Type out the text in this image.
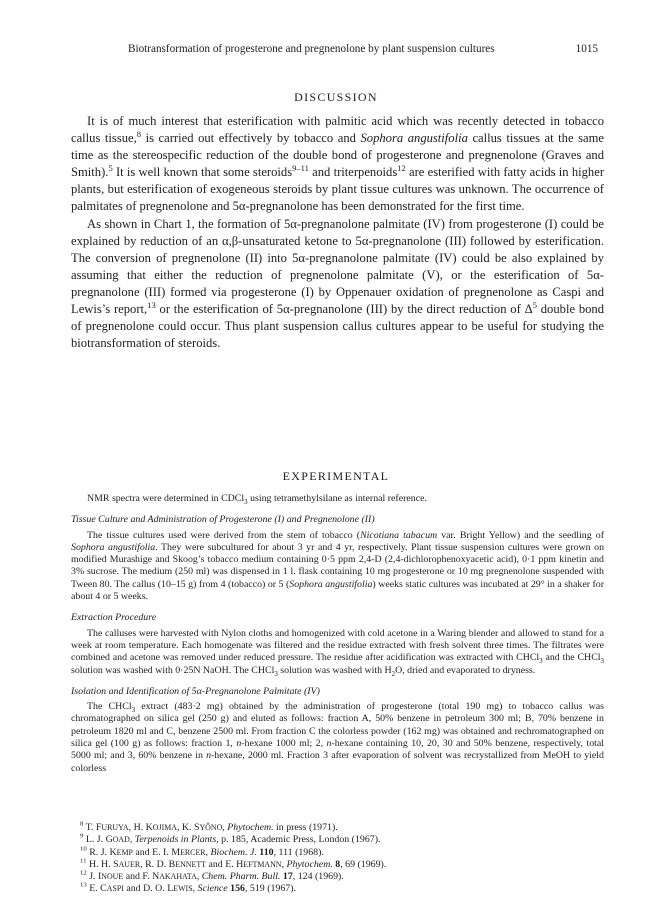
Biotransformation of progesterone and pregnenolone by plant suspension cultures	1015
DISCUSSION

It is of much interest that esterification with palmitic acid which was recently detected in tobacco callus tissue,$^8$ is carried out effectively by tobacco and Sophora angustifolia callus tissues at the same time as the stereospecific reduction of the double bond of progesterone and pregnenolone (Graves and Smith).$^5$ It is well known that some steroids$^{9-11}$ and triterpenoids$^{12}$ are esterified with fatty acids in higher plants, but esterification of exogeneous steroids by plant tissue cultures was unknown. The occurrence of palmitates of pregnenolone and 5α-pregnanolone has been demonstrated for the first time.

As shown in Chart 1, the formation of 5α-pregnanolone palmitate (IV) from progesterone (I) could be explained by reduction of an α,β-unsaturated ketone to 5α-pregnanolone (III) followed by esterification. The conversion of pregnenolone (II) into 5α-pregnanolone palmitate (IV) could be also explained by assuming that either the reduction of pregnenolone palmitate (V), or the esterification of 5α-pregnanolone (III) formed via progesterone (I) by Oppenauer oxidation of pregnenolone as Caspi and Lewis’s report,$^{13}$ or the esterification of 5α-pregnanolone (III) by the direct reduction of $\Delta^5$ double bond of pregnenolone could occur. Thus plant suspension callus cultures appear to be useful for studying the biotransformation of steroids.

EXPERIMENTAL

NMR spectra were determined in CDCl$_3$ using tetramethylsilane as internal reference.

Tissue Culture and Administration of Progesterone (I) and Pregnenolone (II)

The tissue cultures used were derived from the stem of tobacco (Nicotiana tabacum var. Bright Yellow) and the seedling of Sophora angustifolia. They were subcultured for about 3 yr and 4 yr, respectively. Plant tissue suspension cultures were grown on modified Murashige and Skoog’s tobacco medium containing 0·5 ppm 2,4-D (2,4-dichlorophenoxyacetic acid), 0·1 ppm kinetin and 3% sucrose. The medium (250 ml) was dispensed in 1 l. flask containing 10 mg progesterone or 10 mg pregnenolone suspended with Tween 80. The callus (10–15 g) from 4 (tobacco) or 5 (Sophora angustifolia) weeks static cultures was incubated at 29° in a shaker for about 4 or 5 weeks.

Extraction Procedure

The calluses were harvested with Nylon cloths and homogenized with cold acetone in a Waring blender and allowed to stand for a week at room temperature. Each homogenate was filtered and the residue extracted with fresh solvent three times. The filtrates were combined and acetone was removed under reduced pressure. The residue after acidification was extracted with CHCl$_3$ and the CHCl$_3$ solution was washed with 0·25N NaOH. The CHCl$_3$ solution was washed with $H_2O$, dried and evaporated to dryness.

Isolation and Identification of 5α-Pregnanolone Palmitate (IV)

The CHCl$_3$ extract (483·2 mg) obtained by the administration of progesterone (total 190 mg) to tobacco callus was chromatographed on silica gel (250 g) and eluted as follows: fraction A, 50% benzene in petroleum 300 ml; B, 70% benzene in petroleum 1820 ml and C, benzene 2500 ml. From fraction C the colorless powder (162 mg) was obtained and rechromatographed on silica gel (100 g) as follows: fraction 1, n-hexane 1000 ml; 2, n-hexane containing 10, 20, 30 and 50% benzene, respectively, total 5000 ml; and 3, 60% benzene in n-hexane, 2000 ml. Fraction 3 after evaporation of solvent was recrystallized from MeOH to yield colorless

$^8$ T. FURUYA, H. KOJIMA, K. SYÔNO, Phytochem. in press (1971).
$^9$ L. J. GOAD, Terpenoids in Plants, p. 185, Academic Press, London (1967).
$^{10}$ R. J. KEMP and E. I. MERCER, Biochem. J. 110, 111 (1968).
$^{11}$ H. H. SAUER, R. D. BENNETT and E. HEFTMANN, Phytochem. 8, 69 (1969).
$^{12}$ J. INOUE and F. NAKAHATA, Chem. Pharm. Bull. 17, 124 (1969).
$^{13}$ E. CASPI and D. O. LEWIS, Science 156, 519 (1967).
